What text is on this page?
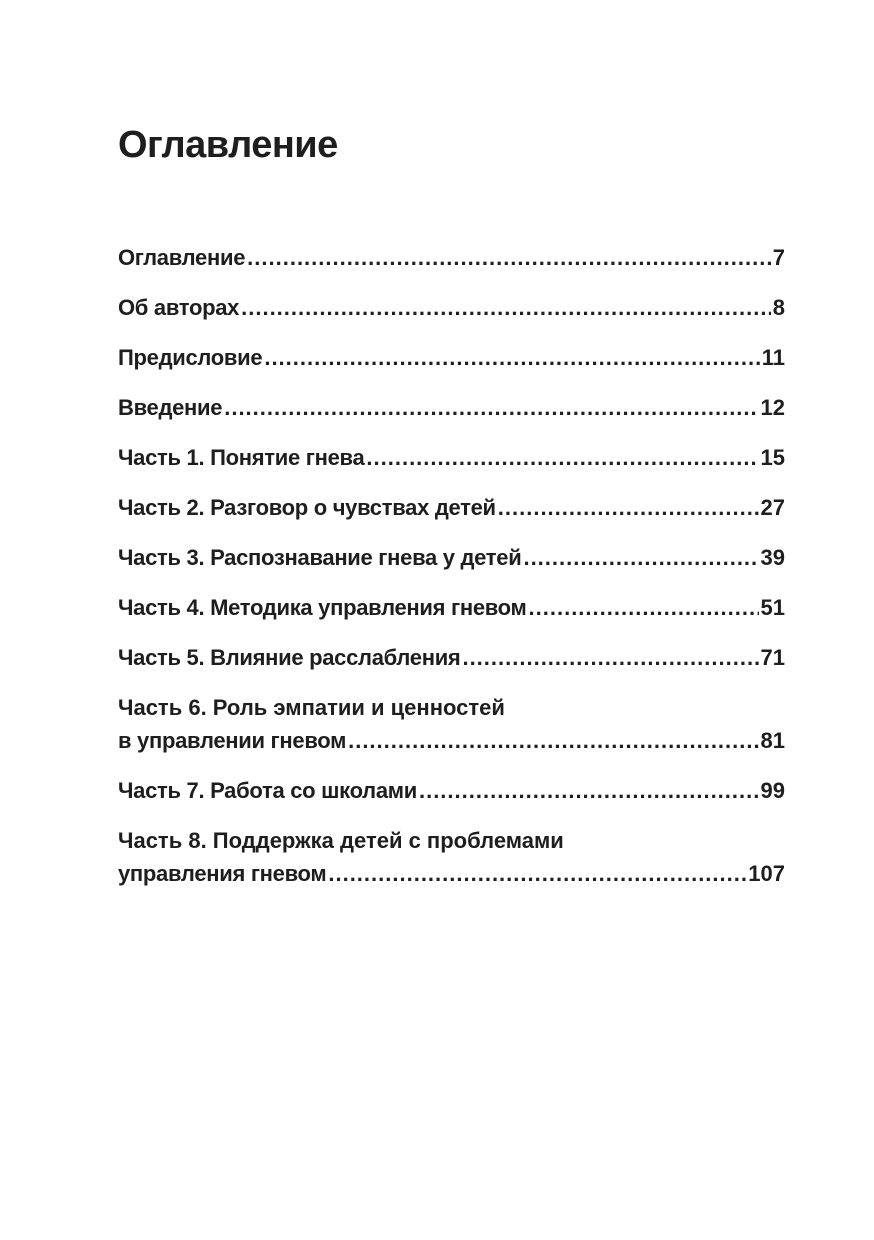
Оглавление
Оглавление .....	7
Об авторах .....	8
Предисловие .....	11
Введение .....	12
Часть 1. Понятие гнева .....	15
Часть 2. Разговор о чувствах детей .....	27
Часть 3. Распознавание гнева у детей .....	39
Часть 4. Методика управления гневом .....	51
Часть 5. Влияние расслабления .....	71
Часть 6. Роль эмпатии и ценностей
в управлении гневом .....	81
Часть 7. Работа со школами .....	99
Часть 8. Поддержка детей с проблемами
управления гневом .....	107
